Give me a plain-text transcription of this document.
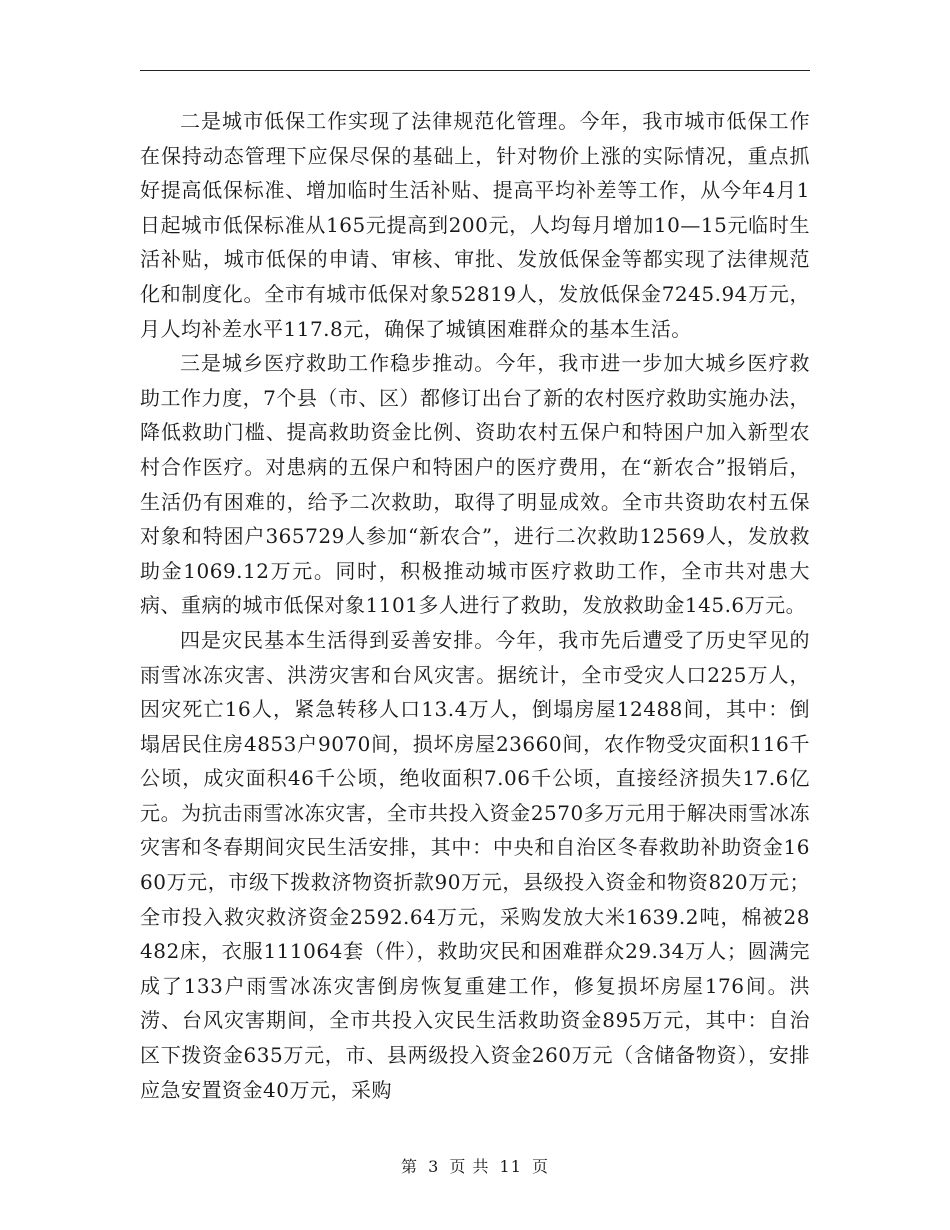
二是城市低保工作实现了法律规范化管理。今年，我市城市低保工作在保持动态管理下应保尽保的基础上，针对物价上涨的实际情况，重点抓好提高低保标准、增加临时生活补贴、提高平均补差等工作，从今年4月1日起城市低保标准从165元提高到200元，人均每月增加10—15元临时生活补贴，城市低保的申请、审核、审批、发放低保金等都实现了法律规范化和制度化。全市有城市低保对象52819人，发放低保金7245.94万元，月人均补差水平117.8元，确保了城镇困难群众的基本生活。

三是城乡医疗救助工作稳步推动。今年，我市进一步加大城乡医疗救助工作力度，7个县（市、区）都修订出台了新的农村医疗救助实施办法，降低救助门槛、提高救助资金比例、资助农村五保户和特困户加入新型农村合作医疗。对患病的五保户和特困户的医疗费用，在“新农合”报销后，生活仍有困难的，给予二次救助，取得了明显成效。全市共资助农村五保对象和特困户365729人参加“新农合”，进行二次救助12569人，发放救助金1069.12万元。同时，积极推动城市医疗救助工作，全市共对患大病、重病的城市低保对象1101多人进行了救助，发放救助金145.6万元。

四是灾民基本生活得到妥善安排。今年，我市先后遭受了历史罕见的雨雪冰冻灾害、洪涝灾害和台风灾害。据统计，全市受灾人口225万人，因灾死亡16人，紧急转移人口13.4万人，倒塌房屋12488间，其中：倒塌居民住房4853户9070间，损坏房屋23660间，农作物受灾面积116千公顷，成灾面积46千公顷，绝收面积7.06千公顷，直接经济损失17.6亿元。为抗击雨雪冰冻灾害，全市共投入资金2570多万元用于解决雨雪冰冻灾害和冬春期间灾民生活安排，其中：中央和自治区冬春救助补助资金1660万元，市级下拨救济物资折款90万元，县级投入资金和物资820万元；全市投入救灾救济资金2592.64万元，采购发放大米1639.2吨，棉被28482床，衣服111064套（件），救助灾民和困难群众29.34万人；圆满完成了133户雨雪冰冻灾害倒房恢复重建工作，修复损坏房屋176间。洪涝、台风灾害期间，全市共投入灾民生活救助资金895万元，其中：自治区下拨资金635万元，市、县两级投入资金260万元（含储备物资），安排应急安置资金40万元，采购

第 3 页 共 11 页
